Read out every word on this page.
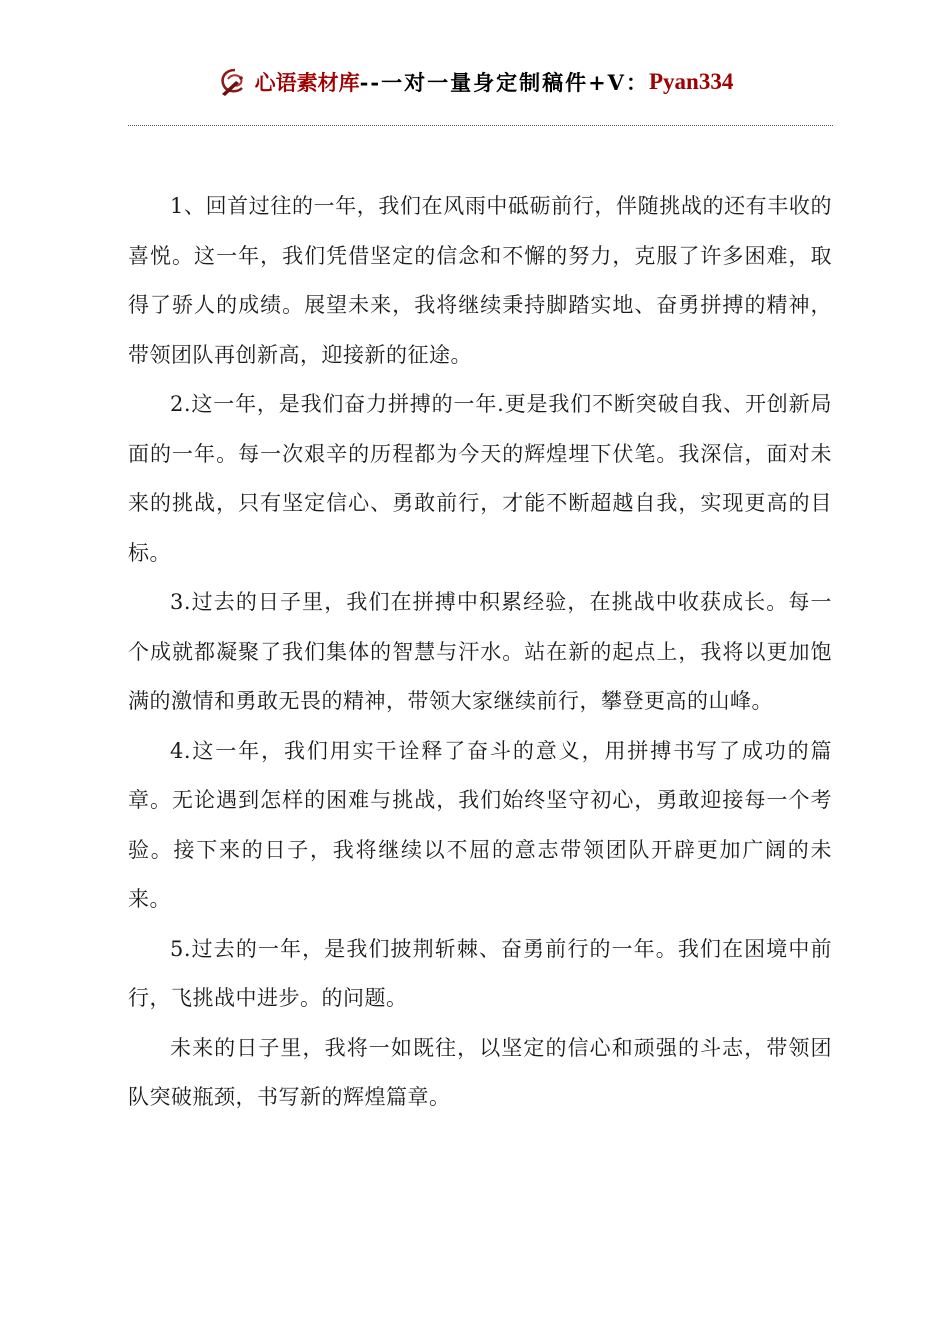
心语素材库 --一对一量身定制稿件+V： Pyan334

1、回首过往的一年，我们在风雨中砥砺前行，伴随挑战的还有丰收的喜悦。这一年，我们凭借坚定的信念和不懈的努力，克服了许多困难，取得了骄人的成绩。展望未来，我将继续秉持脚踏实地、奋勇拼搏的精神，带领团队再创新高，迎接新的征途。

2.这一年，是我们奋力拼搏的一年.更是我们不断突破自我、开创新局面的一年。每一次艰辛的历程都为今天的辉煌埋下伏笔。我深信，面对未来的挑战，只有坚定信心、勇敢前行，才能不断超越自我，实现更高的目标。

3.过去的日子里，我们在拼搏中积累经验，在挑战中收获成长。每一个成就都凝聚了我们集体的智慧与汗水。站在新的起点上，我将以更加饱满的激情和勇敢无畏的精神，带领大家继续前行，攀登更高的山峰。

4.这一年，我们用实干诠释了奋斗的意义，用拼搏书写了成功的篇章。无论遇到怎样的困难与挑战，我们始终坚守初心，勇敢迎接每一个考验。接下来的日子，我将继续以不屈的意志带领团队开辟更加广阔的未来。

5.过去的一年，是我们披荆斩棘、奋勇前行的一年。我们在困境中前行，飞挑战中进步。的问题。

未来的日子里，我将一如既往，以坚定的信心和顽强的斗志，带领团队突破瓶颈，书写新的辉煌篇章。
